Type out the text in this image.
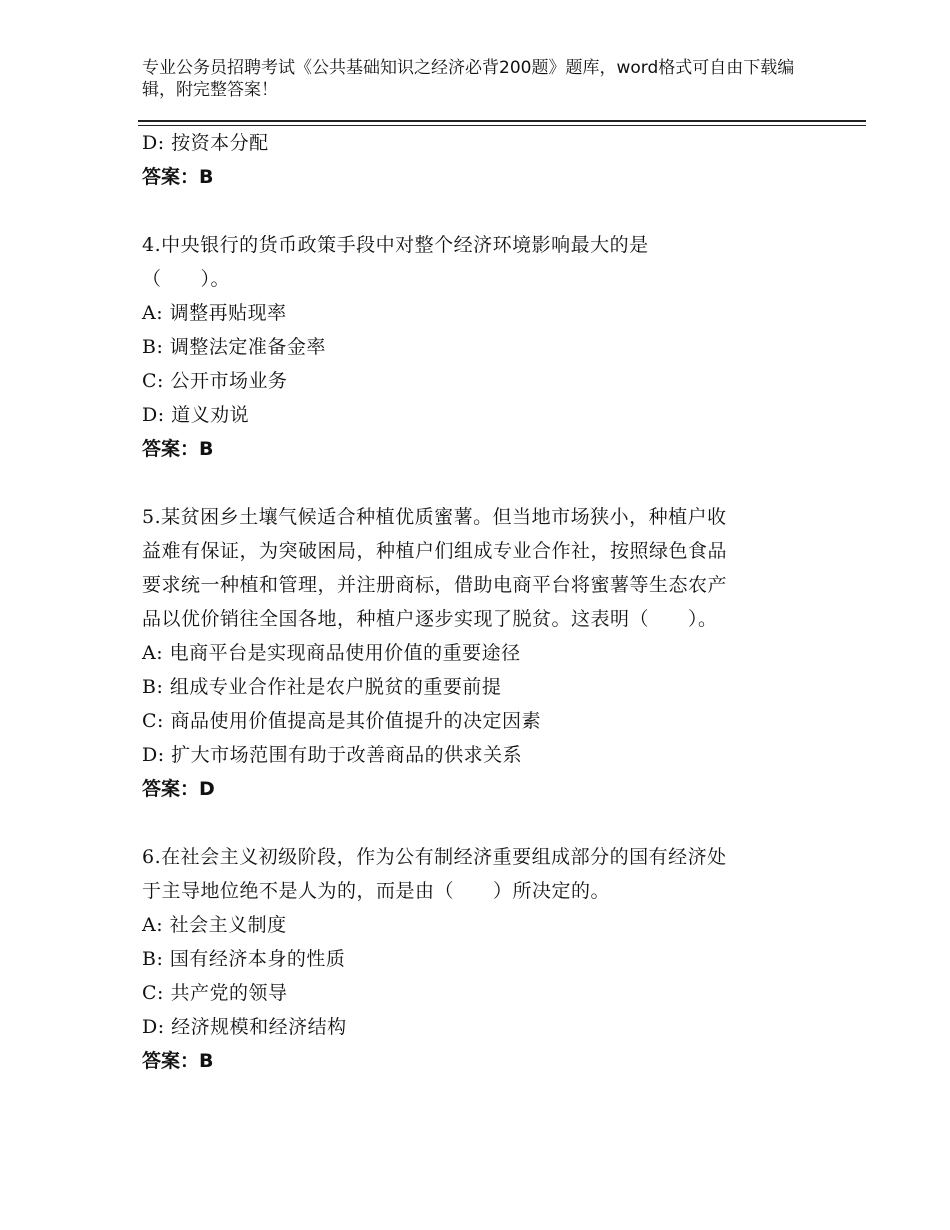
专业公务员招聘考试《公共基础知识之经济必背200题》题库，word格式可自由下载编辑，附完整答案！
D: 按资本分配
答案：B
4.中央银行的货币政策手段中对整个经济环境影响最大的是
（　　）。
A: 调整再贴现率
B: 调整法定准备金率
C: 公开市场业务
D: 道义劝说
答案：B
5.某贫困乡土壤气候适合种植优质蜜薯。但当地市场狭小，种植户收
益难有保证，为突破困局，种植户们组成专业合作社，按照绿色食品
要求统一种植和管理，并注册商标，借助电商平台将蜜薯等生态农产
品以优价销往全国各地，种植户逐步实现了脱贫。这表明（　　）。
A: 电商平台是实现商品使用价值的重要途径
B: 组成专业合作社是农户脱贫的重要前提
C: 商品使用价值提高是其价值提升的决定因素
D: 扩大市场范围有助于改善商品的供求关系
答案：D
6.在社会主义初级阶段，作为公有制经济重要组成部分的国有经济处
于主导地位绝不是人为的，而是由（　　）所决定的。
A: 社会主义制度
B: 国有经济本身的性质
C: 共产党的领导
D: 经济规模和经济结构
答案：B
